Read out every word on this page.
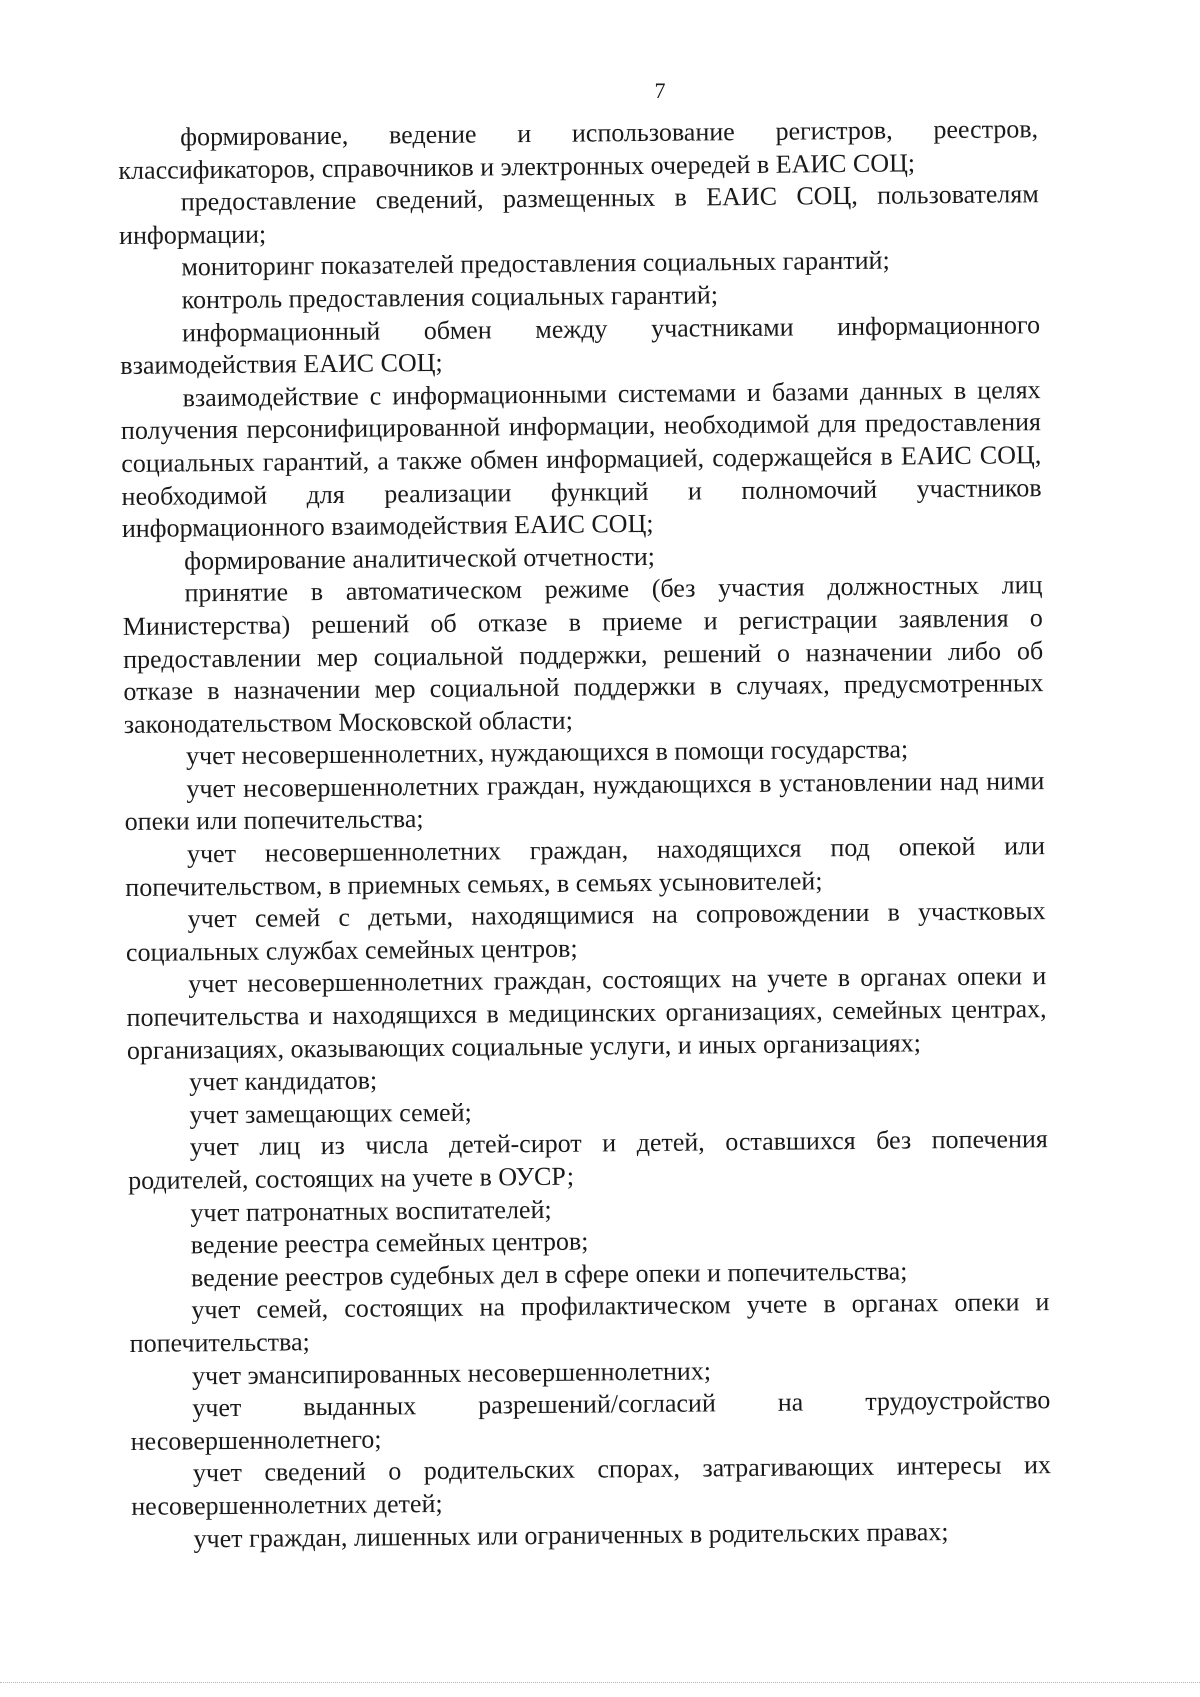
7

формирование, ведение и использование регистров, реестров, классификаторов, справочников и электронных очередей в ЕАИС СОЦ;

предоставление сведений, размещенных в ЕАИС СОЦ, пользователям информации;

мониторинг показателей предоставления социальных гарантий;

контроль предоставления социальных гарантий;

информационный обмен между участниками информационного взаимодействия ЕАИС СОЦ;

взаимодействие с информационными системами и базами данных в целях получения персонифицированной информации, необходимой для предоставления социальных гарантий, а также обмен информацией, содержащейся в ЕАИС СОЦ, необходимой для реализации функций и полномочий участников информационного взаимодействия ЕАИС СОЦ;

формирование аналитической отчетности;

принятие в автоматическом режиме (без участия должностных лиц Министерства) решений об отказе в приеме и регистрации заявления о предоставлении мер социальной поддержки, решений о назначении либо об отказе в назначении мер социальной поддержки в случаях, предусмотренных законодательством Московской области;

учет несовершеннолетних, нуждающихся в помощи государства;

учет несовершеннолетних граждан, нуждающихся в установлении над ними опеки или попечительства;

учет несовершеннолетних граждан, находящихся под опекой или попечительством, в приемных семьях, в семьях усыновителей;

учет семей с детьми, находящимися на сопровождении в участковых социальных службах семейных центров;

учет несовершеннолетних граждан, состоящих на учете в органах опеки и попечительства и находящихся в медицинских организациях, семейных центрах, организациях, оказывающих социальные услуги, и иных организациях;

учет кандидатов;

учет замещающих семей;

учет лиц из числа детей-сирот и детей, оставшихся без попечения родителей, состоящих на учете в ОУСР;

учет патронатных воспитателей;

ведение реестра семейных центров;

ведение реестров судебных дел в сфере опеки и попечительства;

учет семей, состоящих на профилактическом учете в органах опеки и попечительства;

учет эмансипированных несовершеннолетних;

учет выданных разрешений/согласий на трудоустройство несовершеннолетнего;

учет сведений о родительских спорах, затрагивающих интересы их несовершеннолетних детей;

учет граждан, лишенных или ограниченных в родительских правах;
